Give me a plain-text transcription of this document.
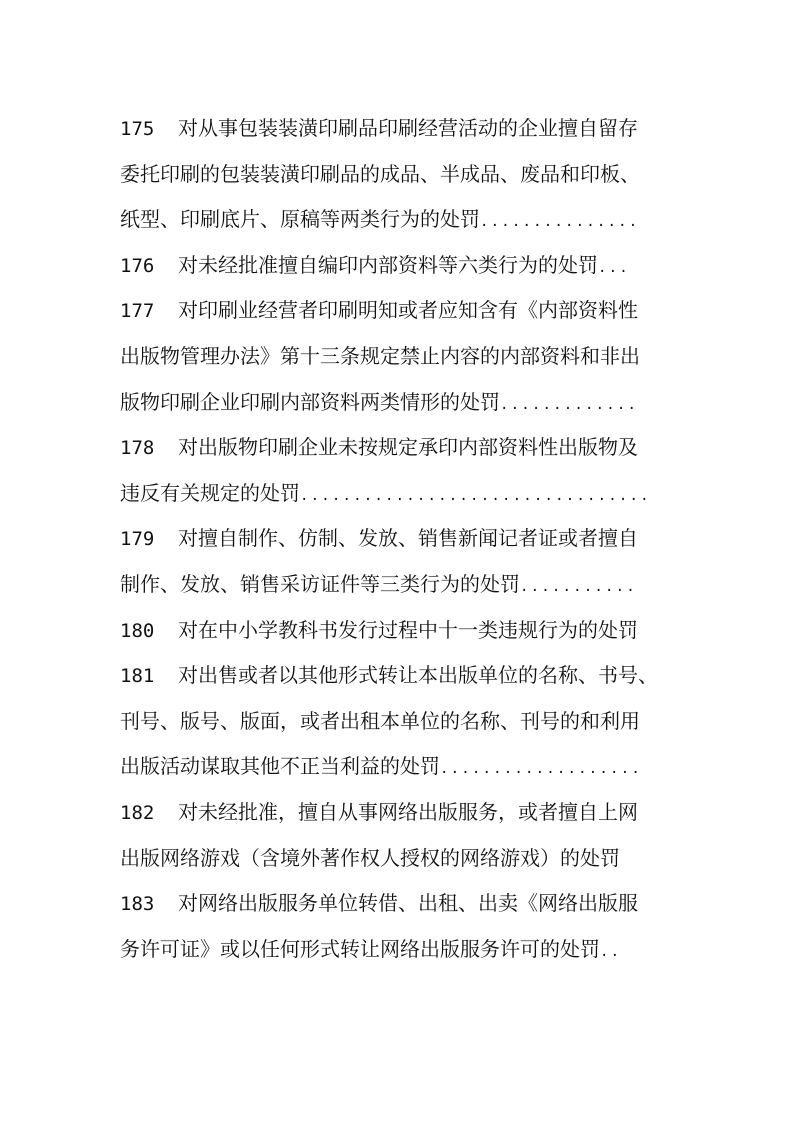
175 对从事包装装潢印刷品印刷经营活动的企业擅自留存
委托印刷的包装装潢印刷品的成品、半成品、废品和印板、
纸型、印刷底片、原稿等两类行为的处罚...............
176 对未经批准擅自编印内部资料等六类行为的处罚...
177 对印刷业经营者印刷明知或者应知含有《内部资料性
出版物管理办法》第十三条规定禁止内容的内部资料和非出
版物印刷企业印刷内部资料两类情形的处罚.............
178 对出版物印刷企业未按规定承印内部资料性出版物及
违反有关规定的处罚.................................
179 对擅自制作、仿制、发放、销售新闻记者证或者擅自
制作、发放、销售采访证件等三类行为的处罚...........
180 对在中小学教科书发行过程中十一类违规行为的处罚
181 对出售或者以其他形式转让本出版单位的名称、书号、
刊号、版号、版面，或者出租本单位的名称、刊号的和利用
出版活动谋取其他不正当利益的处罚...................
182 对未经批准，擅自从事网络出版服务，或者擅自上网
出版网络游戏（含境外著作权人授权的网络游戏）的处罚
183 对网络出版服务单位转借、出租、出卖《网络出版服
务许可证》或以任何形式转让网络出版服务许可的处罚..
